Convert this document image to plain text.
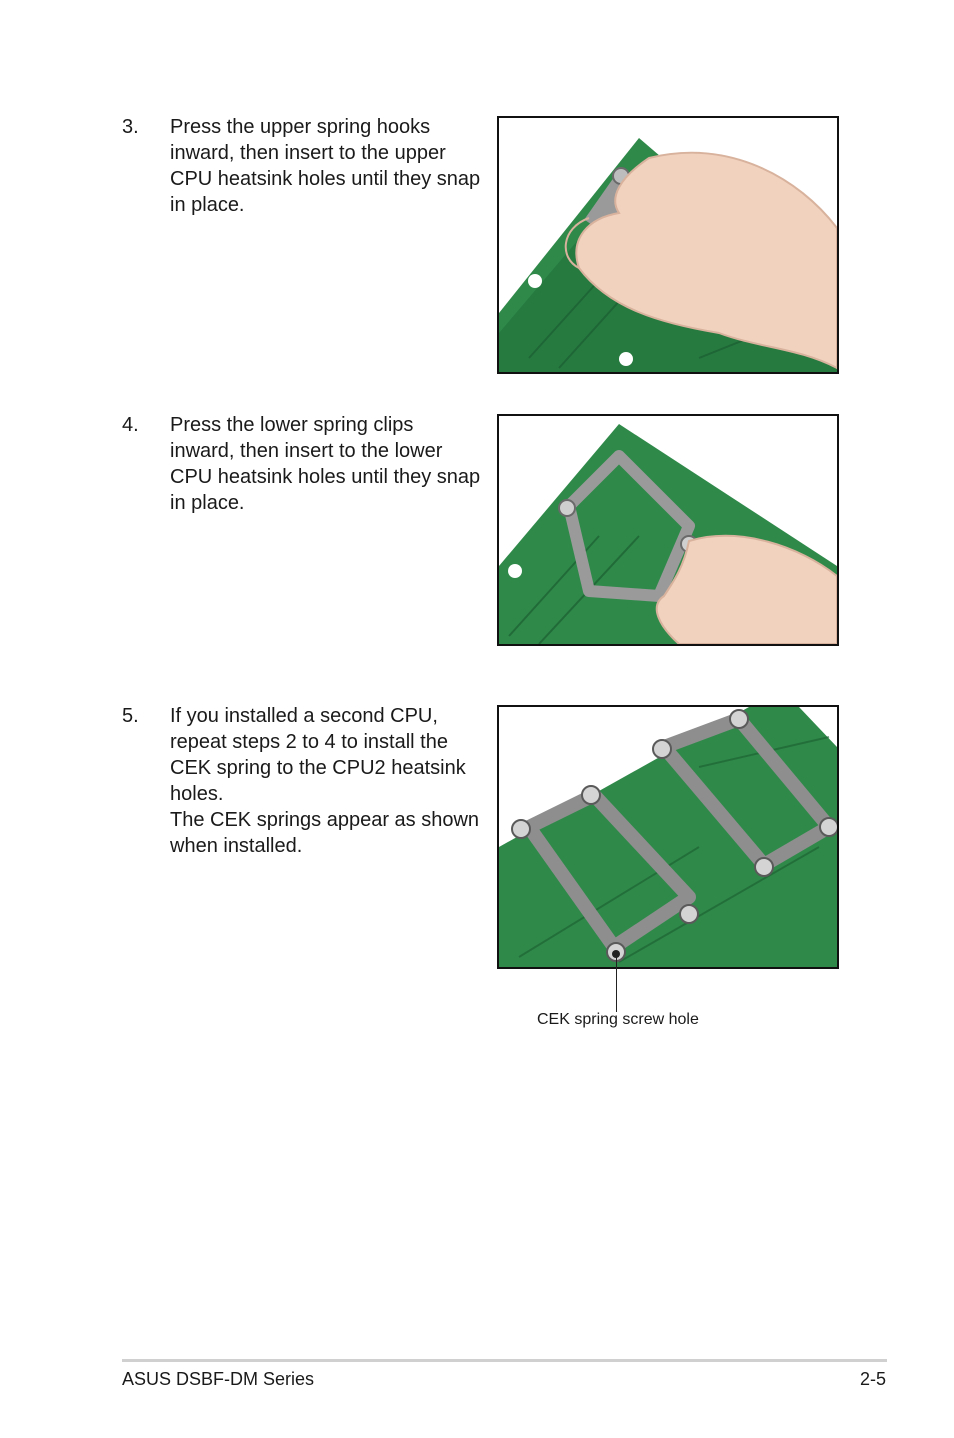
3. Press the upper spring hooks inward, then insert to the upper CPU heatsink holes until they snap in place.

4. Press the lower spring clips inward, then insert to the lower CPU heatsink holes until they snap in place.

5. If you installed a second CPU, repeat steps 2 to 4 to install the CEK spring to the CPU2 heatsink holes.

The CEK springs appear as shown when installed.

CEK spring screw hole
ASUS DSBF-DM Series	2-5
